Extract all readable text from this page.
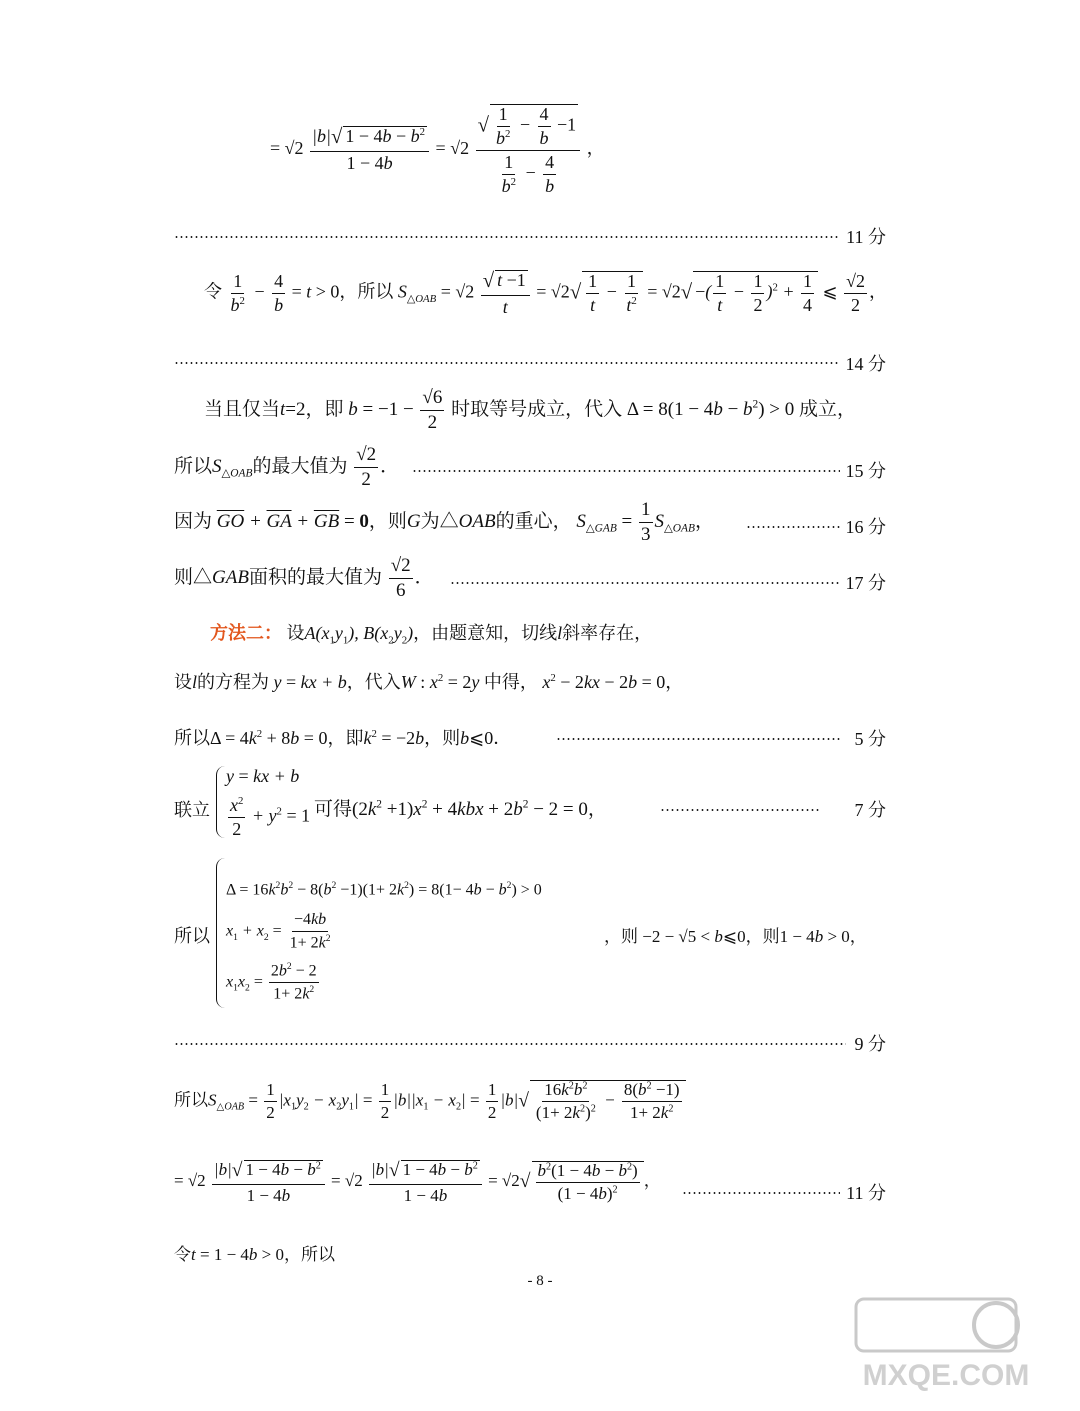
= $√2 \frac{|b|√ 1 - 4b - b^2}{1 - 4b} = √2 \frac{√ \frac{1}{b^2} - \frac{4}{b} -1}{\frac{1}{b^2} - \frac{4}{b}}$ ，
11 分
令 $\frac{1}{b^2} - \frac{4}{b} = t > 0$，所以 $S_{\triangle OAB} = √2 \frac{√ t -1}{t} = √2√ \frac{1}{t} - \frac{1}{t^2} = √2√$ −( $\frac{1}{t} - \frac{1}{2} )^2 + \frac{1}{4}$ ⩽ $\frac{√2}{2}$ ，
14 分
当且仅当t=2，即 $b = -1 - \frac{√6}{2}$ 时取等号成立，代入 $\Delta = 8(1 - 4b - b^2) > 0$ 成立，
所以$S_{\triangle OAB}$的最大值为 $\frac{√2}{2}$ ．	15 分
因为 $\overline{GO} + \overline{GA} + \overline{GB} = 0$，则G为△OAB的重心， $S_{\triangle GAB} = \frac{1}{3} S_{\triangle OAB}$，	16 分
则△GAB面积的最大值为 $\frac{√2}{6}$ ．	17 分
方法二： 设$A(x_1y_1)$, $B(x_2y_2)$，由题意知，切线l斜率存在，
设l的方程为 y = kx + b，代入W : $x^2 = 2y$ 中得， $x^2 - 2kx - 2b = 0$，
所以$\Delta = 4k^2 + 8b = 0$，即$k^2 = -2b$，则b⩽0．	5 分
联立
y = kx + b
$\frac{x^2}{2} + y^2 = 1$ 可得$(2k^2 +1)x^2 + 4kbx + 2b^2 - 2 = 0$，	7 分
所以
$\Delta = 16k^2b^2 - 8(b^2 -1)(1+ 2k^2) = 8(1- 4b - b^2) > 0$
$x_1 + x_2 = \frac{-4kb}{1+ 2k^2}$
$x_1x_2 = \frac{2b^2 - 2}{1+ 2k^2}$
，则 −2 − √5 < b⩽0，则1 − 4b > 0，
9 分
所以$S_{\triangle OAB} = \frac{1}{2} |x_1y_2 - x_2y_1| = \frac{1}{2} |b||x_1 - x_2| = \frac{1}{2} |b|√ \frac{16k^2b^2}{(1+ 2k^2)^2} - \frac{8(b^2 -1)}{1+ 2k^2}$
= $√2 \frac{|b|√ 1 - 4b - b^2}{1 - 4b} = √2 \frac{|b|√ 1 - 4b - b^2}{1 - 4b} = √2√ \frac{b^2(1 - 4b - b^2)}{(1 - 4b)^2}$ ，
11 分
令t = 1 − 4b > 0，所以
- 8 -
MXQE.COM
